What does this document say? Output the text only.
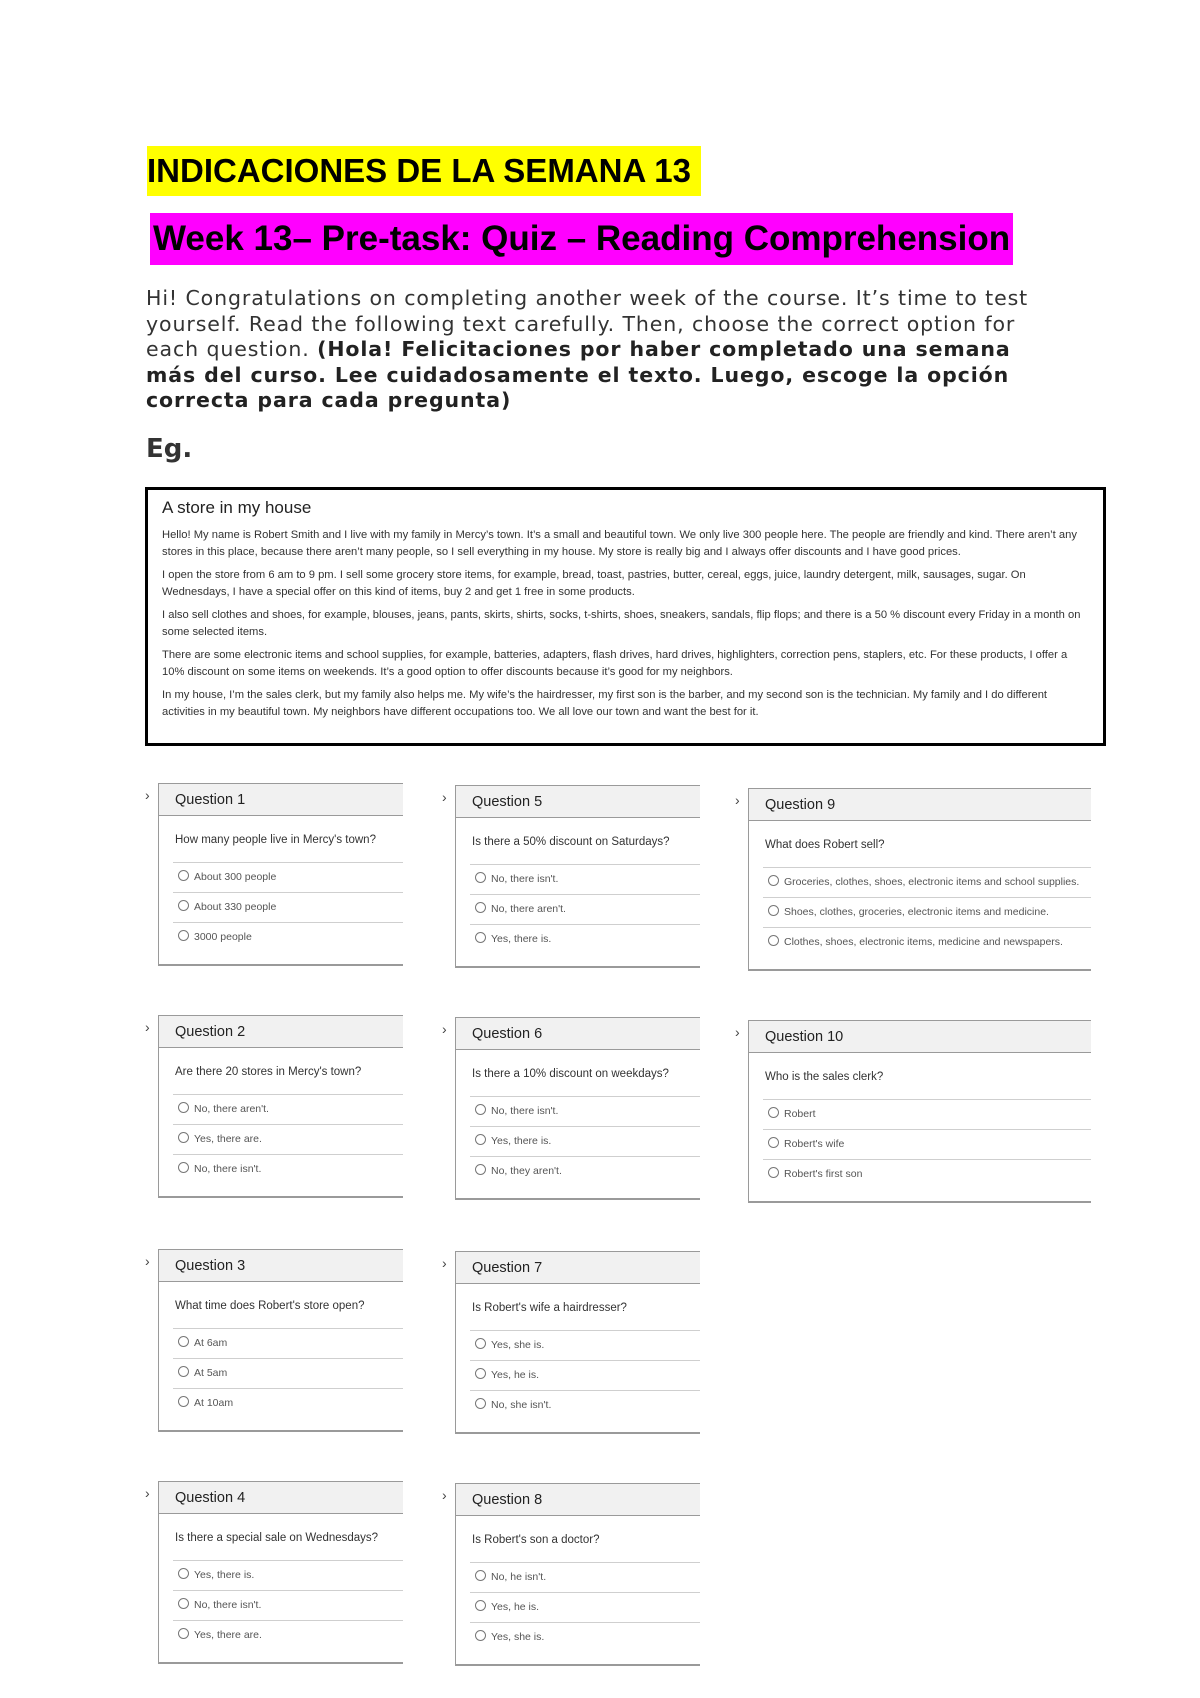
INDICACIONES DE LA SEMANA 13
Week 13– Pre-task: Quiz – Reading Comprehension
Hi! Congratulations on completing another week of the course. It’s time to test yourself. Read the following text carefully. Then, choose the correct option for each question. (Hola! Felicitaciones por haber completado una semana más del curso. Lee cuidadosamente el texto. Luego, escoge la opción correcta para cada pregunta)
Eg.
A store in my house

Hello! My name is Robert Smith and I live with my family in Mercy’s town. It’s a small and beautiful town. We only live 300 people here. The people are friendly and kind. There aren’t any stores in this place, because there aren’t many people, so I sell everything in my house. My store is really big and I always offer discounts and I have good prices.

I open the store from 6 am to 9 pm. I sell some grocery store items, for example, bread, toast, pastries, butter, cereal, eggs, juice, laundry detergent, milk, sausages, sugar. On Wednesdays, I have a special offer on this kind of items, buy 2 and get 1 free in some products.

I also sell clothes and shoes, for example, blouses, jeans, pants, skirts, shirts, socks, t-shirts, shoes, sneakers, sandals, flip flops; and there is a 50 % discount every Friday in a month on some selected items.

There are some electronic items and school supplies, for example, batteries, adapters, flash drives, hard drives, highlighters, correction pens, staplers, etc. For these products, I offer a 10% discount on some items on weekends. It’s a good option to offer discounts because it’s good for my neighbors.

In my house, I’m the sales clerk, but my family also helps me. My wife’s the hairdresser, my first son is the barber, and my second son is the technician. My family and I do different activities in my beautiful town. My neighbors have different occupations too. We all love our town and want the best for it.

›	Question 1
How many people live in Mercy's town?
About 300 people
About 330 people
3000 people
›	Question 2
Are there 20 stores in Mercy's town?
No, there aren't.
Yes, there are.
No, there isn't.
›	Question 3
What time does Robert's store open?
At 6am
At 5am
At 10am
›	Question 4
Is there a special sale on Wednesdays?
Yes, there is.
No, there isn't.
Yes, there are.
›	Question 5
Is there a 50% discount on Saturdays?
No, there isn't.
No, there aren't.
Yes, there is.
›	Question 6
Is there a 10% discount on weekdays?
No, there isn't.
Yes, there is.
No, they aren't.
›	Question 7
Is Robert's wife a hairdresser?
Yes, she is.
Yes, he is.
No, she isn't.
›	Question 8
Is Robert's son a doctor?
No, he isn't.
Yes, he is.
Yes, she is.
›	Question 9
What does Robert sell?
Groceries, clothes, shoes, electronic items and school supplies.
Shoes, clothes, groceries, electronic items and medicine.
Clothes, shoes, electronic items, medicine and newspapers.
›	Question 10
Who is the sales clerk?
Robert
Robert's wife
Robert's first son
